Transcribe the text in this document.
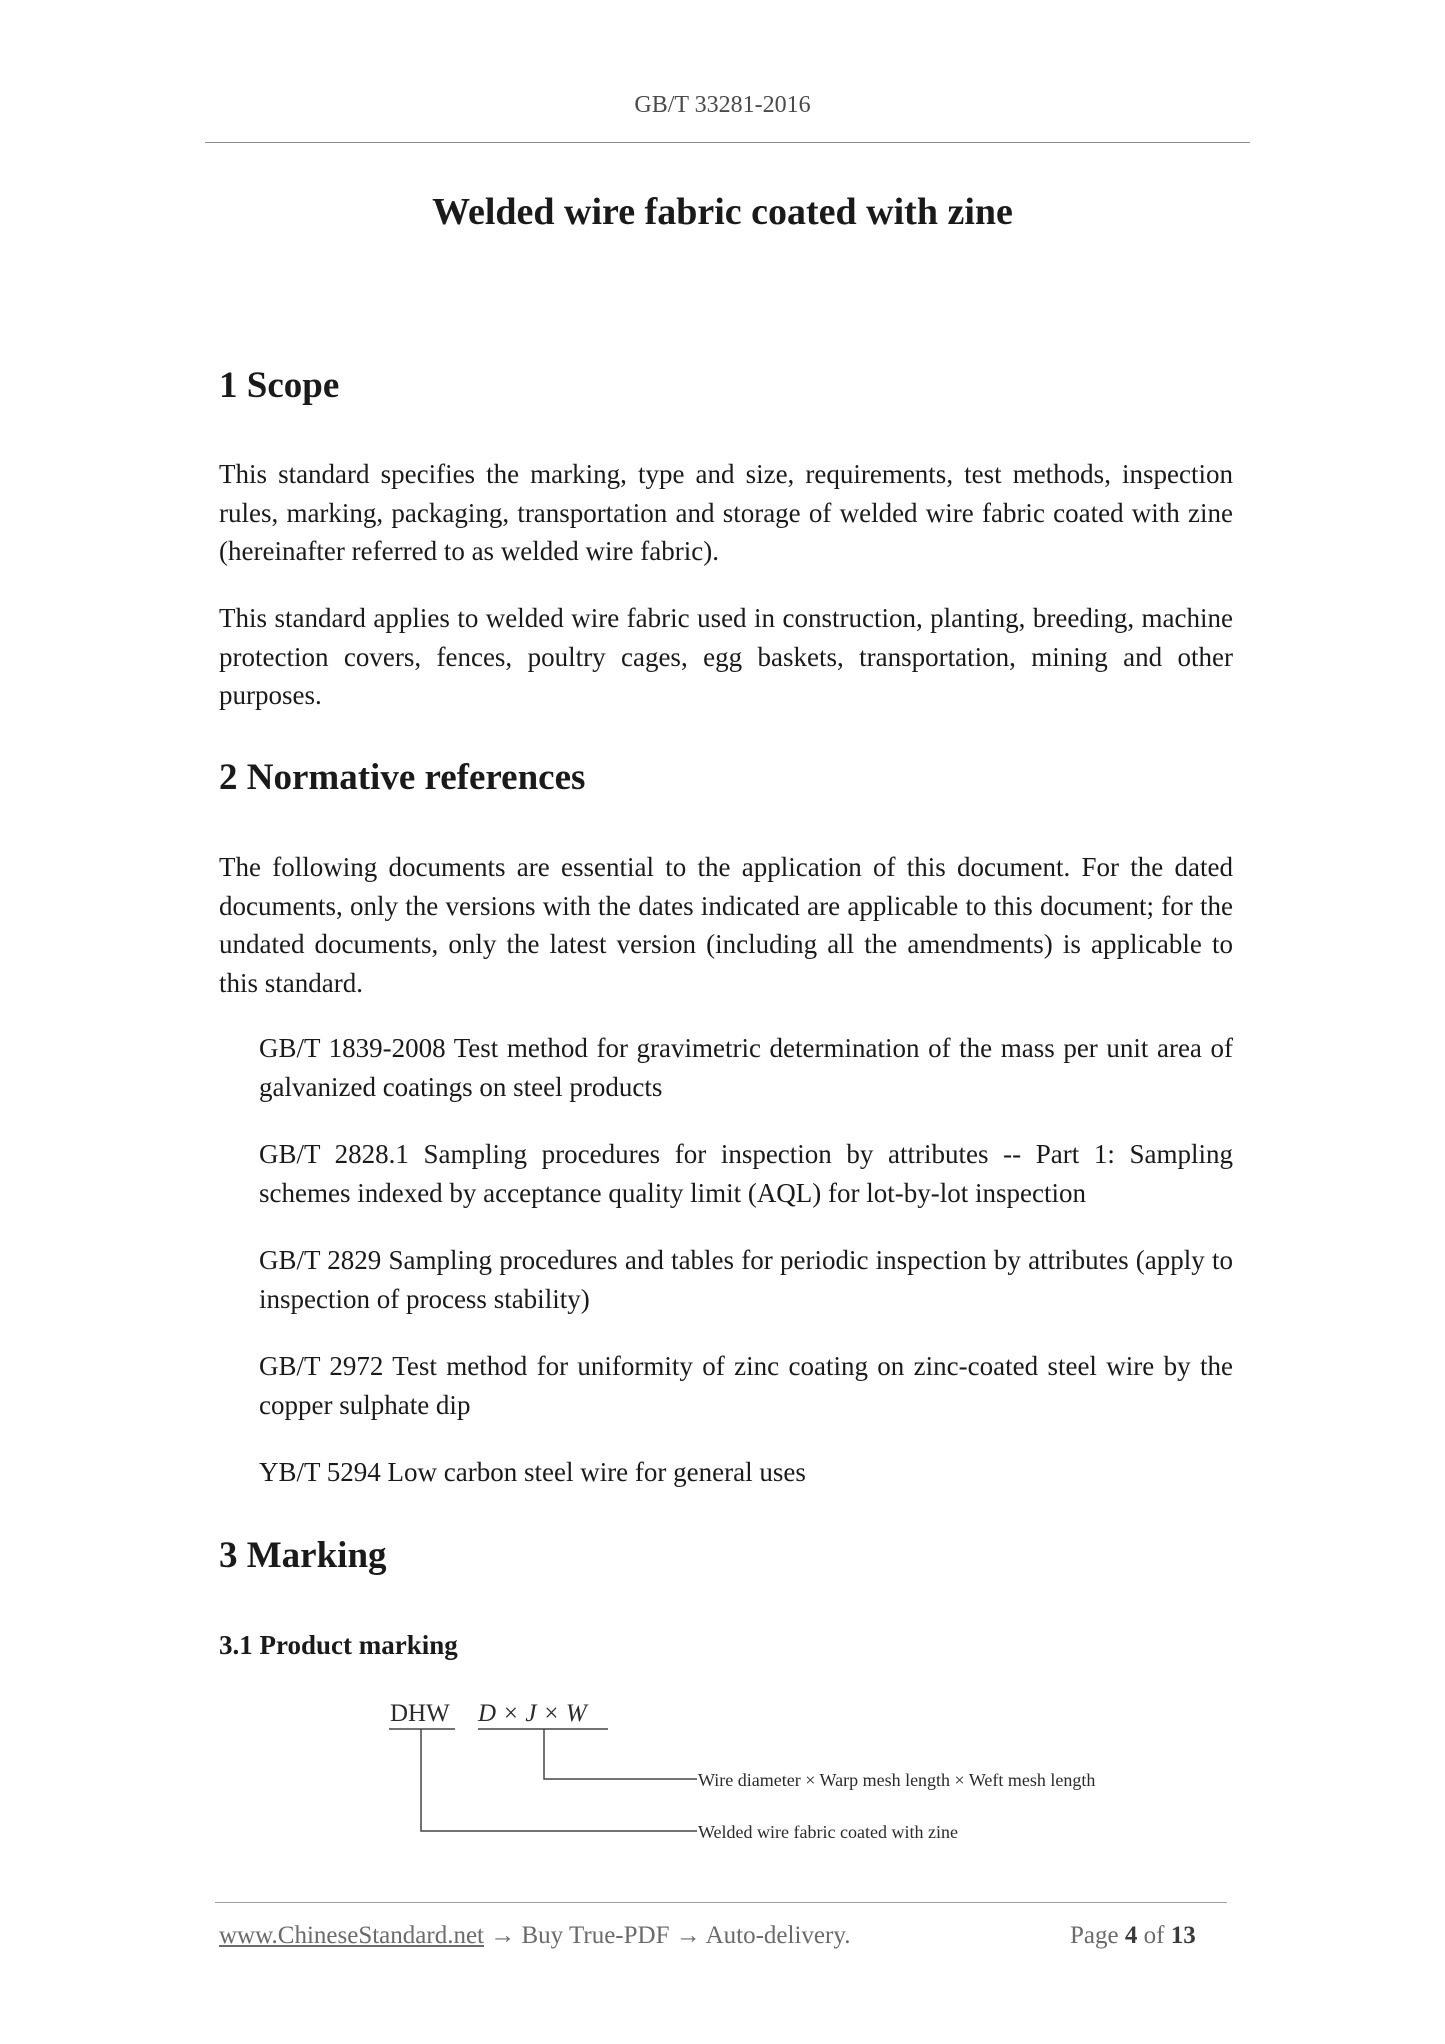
GB/T 33281-2016
Welded wire fabric coated with zine
1 Scope

This standard specifies the marking, type and size, requirements, test methods, inspection rules, marking, packaging, transportation and storage of welded wire fabric coated with zine (hereinafter referred to as welded wire fabric).

This standard applies to welded wire fabric used in construction, planting, breeding, machine protection covers, fences, poultry cages, egg baskets, transportation, mining and other purposes.

2 Normative references

The following documents are essential to the application of this document. For the dated documents, only the versions with the dates indicated are applicable to this document; for the undated documents, only the latest version (including all the amendments) is applicable to this standard.

GB/T 1839-2008 Test method for gravimetric determination of the mass per unit area of galvanized coatings on steel products

GB/T 2828.1 Sampling procedures for inspection by attributes -- Part 1: Sampling schemes indexed by acceptance quality limit (AQL) for lot-by-lot inspection

GB/T 2829 Sampling procedures and tables for periodic inspection by attributes (apply to inspection of process stability)

GB/T 2972 Test method for uniformity of zinc coating on zinc-coated steel wire by the copper sulphate dip

YB/T 5294 Low carbon steel wire for general uses

3 Marking
3.1 Product marking
DHW D × J × W
Wire diameter × Warp mesh length × Weft mesh length
Welded wire fabric coated with zine
www.ChineseStandard.net → Buy True-PDF → Auto-delivery.	Page 4 of 13
